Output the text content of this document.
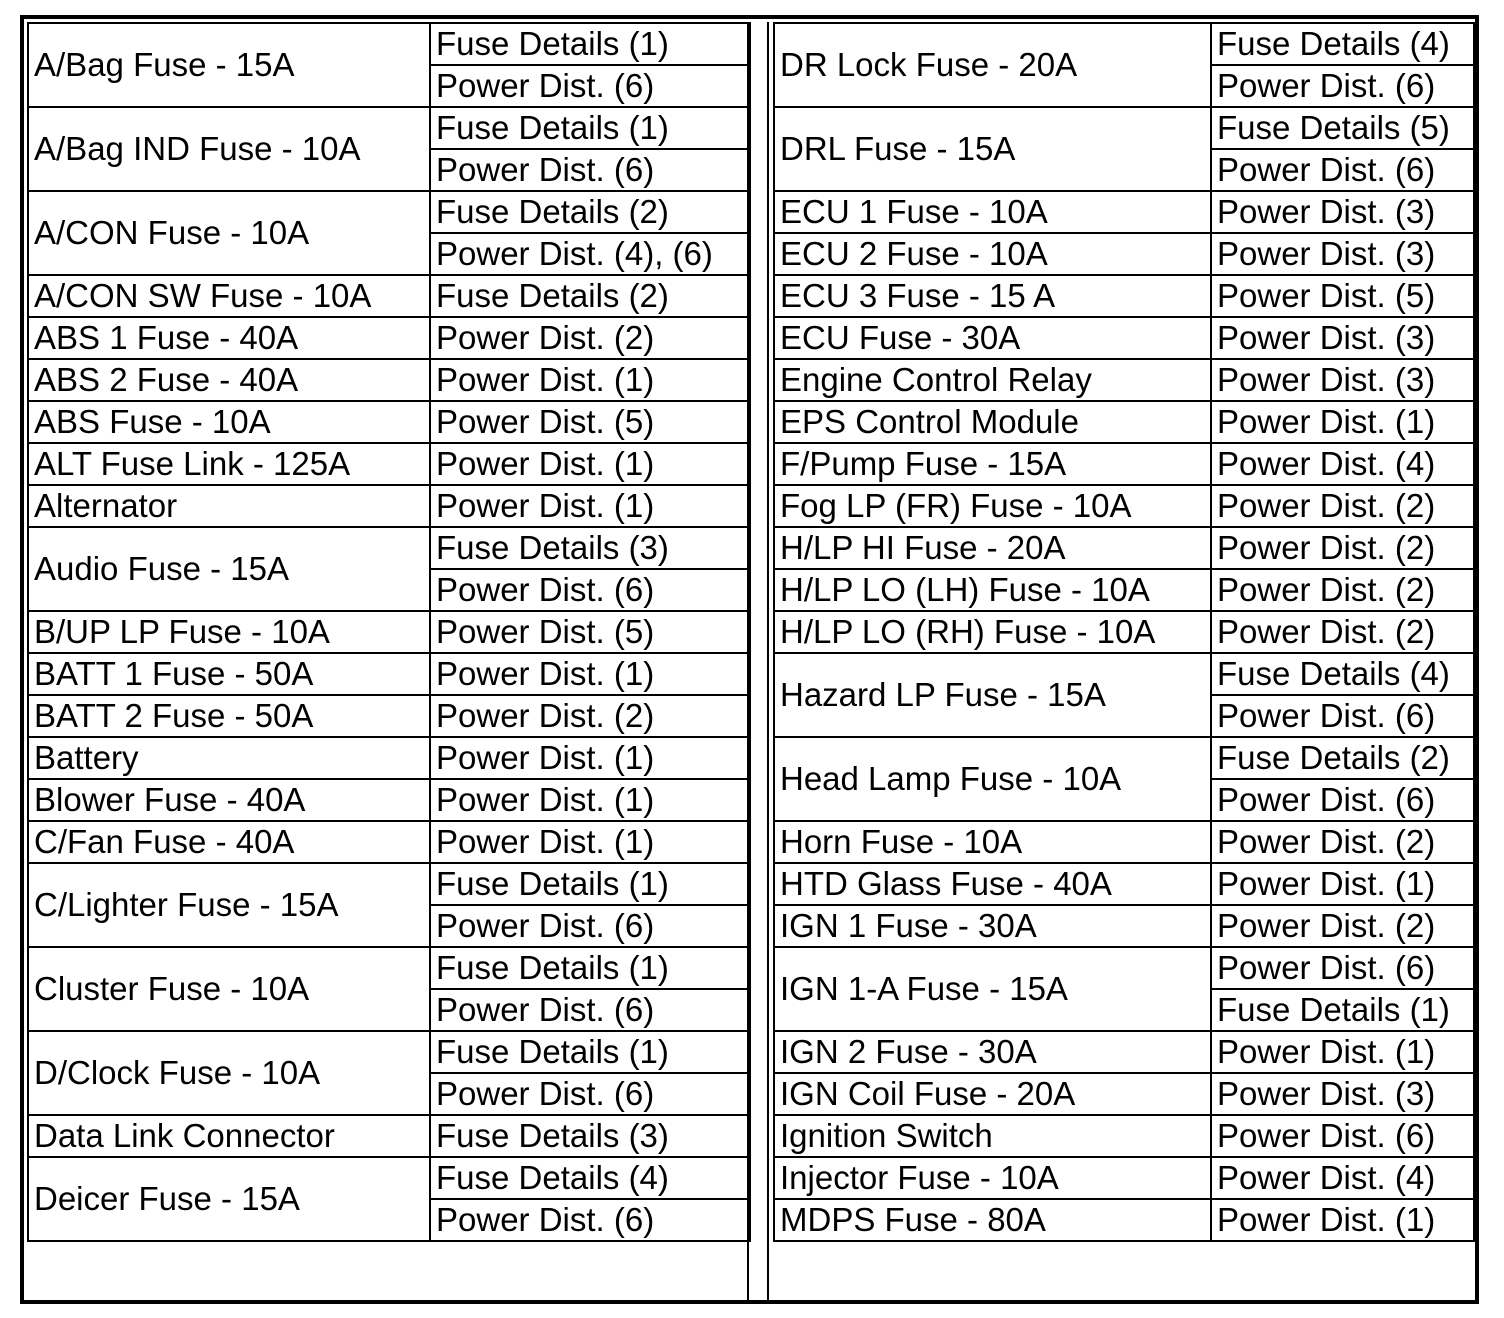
A/Bag Fuse - 15A	Fuse Details (1)
	Power Dist. (6)
A/Bag IND Fuse - 10A	Fuse Details (1)
	Power Dist. (6)
A/CON Fuse - 10A	Fuse Details (2)
	Power Dist. (4), (6)
A/CON SW Fuse - 10A	Fuse Details (2)
ABS 1 Fuse - 40A	Power Dist. (2)
ABS 2 Fuse - 40A	Power Dist. (1)
ABS Fuse - 10A	Power Dist. (5)
ALT Fuse Link - 125A	Power Dist. (1)
Alternator	Power Dist. (1)
Audio Fuse - 15A	Fuse Details (3)
	Power Dist. (6)
B/UP LP Fuse - 10A	Power Dist. (5)
BATT 1 Fuse - 50A	Power Dist. (1)
BATT 2 Fuse - 50A	Power Dist. (2)
Battery	Power Dist. (1)
Blower Fuse - 40A	Power Dist. (1)
C/Fan Fuse - 40A	Power Dist. (1)
C/Lighter Fuse - 15A	Fuse Details (1)
	Power Dist. (6)
Cluster Fuse - 10A	Fuse Details (1)
	Power Dist. (6)
D/Clock Fuse - 10A	Fuse Details (1)
	Power Dist. (6)
Data Link Connector	Fuse Details (3)
Deicer Fuse - 15A	Fuse Details (4)
	Power Dist. (6)
DR Lock Fuse - 20A	Fuse Details (4)
	Power Dist. (6)
DRL Fuse - 15A	Fuse Details (5)
	Power Dist. (6)
ECU 1 Fuse - 10A	Power Dist. (3)
ECU 2 Fuse - 10A	Power Dist. (3)
ECU 3 Fuse - 15 A	Power Dist. (5)
ECU Fuse - 30A	Power Dist. (3)
Engine Control Relay	Power Dist. (3)
EPS Control Module	Power Dist. (1)
F/Pump Fuse - 15A	Power Dist. (4)
Fog LP (FR) Fuse - 10A	Power Dist. (2)
H/LP HI Fuse - 20A	Power Dist. (2)
H/LP LO (LH) Fuse - 10A	Power Dist. (2)
H/LP LO (RH) Fuse - 10A	Power Dist. (2)
Hazard LP Fuse - 15A	Fuse Details (4)
	Power Dist. (6)
Head Lamp Fuse - 10A	Fuse Details (2)
	Power Dist. (6)
Horn Fuse - 10A	Power Dist. (2)
HTD Glass Fuse - 40A	Power Dist. (1)
IGN 1 Fuse - 30A	Power Dist. (2)
IGN 1-A Fuse - 15A	Power Dist. (6)
	Fuse Details (1)
IGN 2 Fuse - 30A	Power Dist. (1)
IGN Coil Fuse - 20A	Power Dist. (3)
Ignition Switch	Power Dist. (6)
Injector Fuse - 10A	Power Dist. (4)
MDPS Fuse - 80A	Power Dist. (1)
